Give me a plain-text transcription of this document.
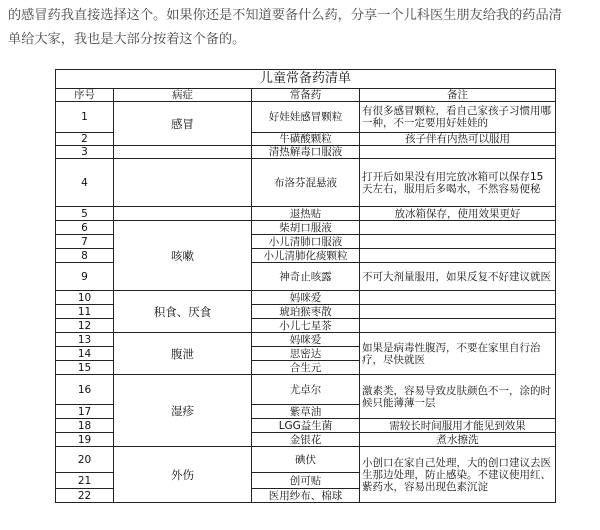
的感冒药我直接选择这个。如果你还是不知道要备什么药，分享一个儿科医生朋友给我的药品清

单给大家，我也是大部分按着这个备的。

儿童常备药清单			
序号	病症	常备药	备注
1	感冒	好娃娃感冒颗粒	有很多感冒颗粒，看自己家孩子习惯用哪一种，不一定要用好娃娃的
2		牛磺酸颗粒	孩子伴有内热可以服用
3		清热解毒口服液	
4		布洛芬混悬液	打开后如果没有用完放冰箱可以保存15天左右，服用后多喝水，不然容易便秘
5		退热贴	放冰箱保存，使用效果更好
6	咳嗽	柴胡口服液	
7		小儿清肺口服液	
8		小儿清肺化痰颗粒	
9		神奇止咳露	不可大剂量服用，如果反复不好建议就医
10	积食、厌食	妈咪爱	
11		琥珀猴枣散	
12		小儿七星茶	
13	腹泄	妈咪爱	如果是病毒性腹泻，不要在家里自行治疗，尽快就医
14		思密达	
15		合生元	
16	湿疹	尤卓尔	激素类，容易导致皮肤颜色不一，涂的时候只能薄薄一层
17		紫草油	
18		LGG益生菌	需较长时间服用才能见到效果
19		金银花	煮水擦洗
20	外伤	碘伏	小创口在家自己处理，大的创口建议去医生那边处理，防止感染。不建议使用红、紫药水，容易出现色素沉淀
21		创可贴	
22		医用纱布、棉球	
